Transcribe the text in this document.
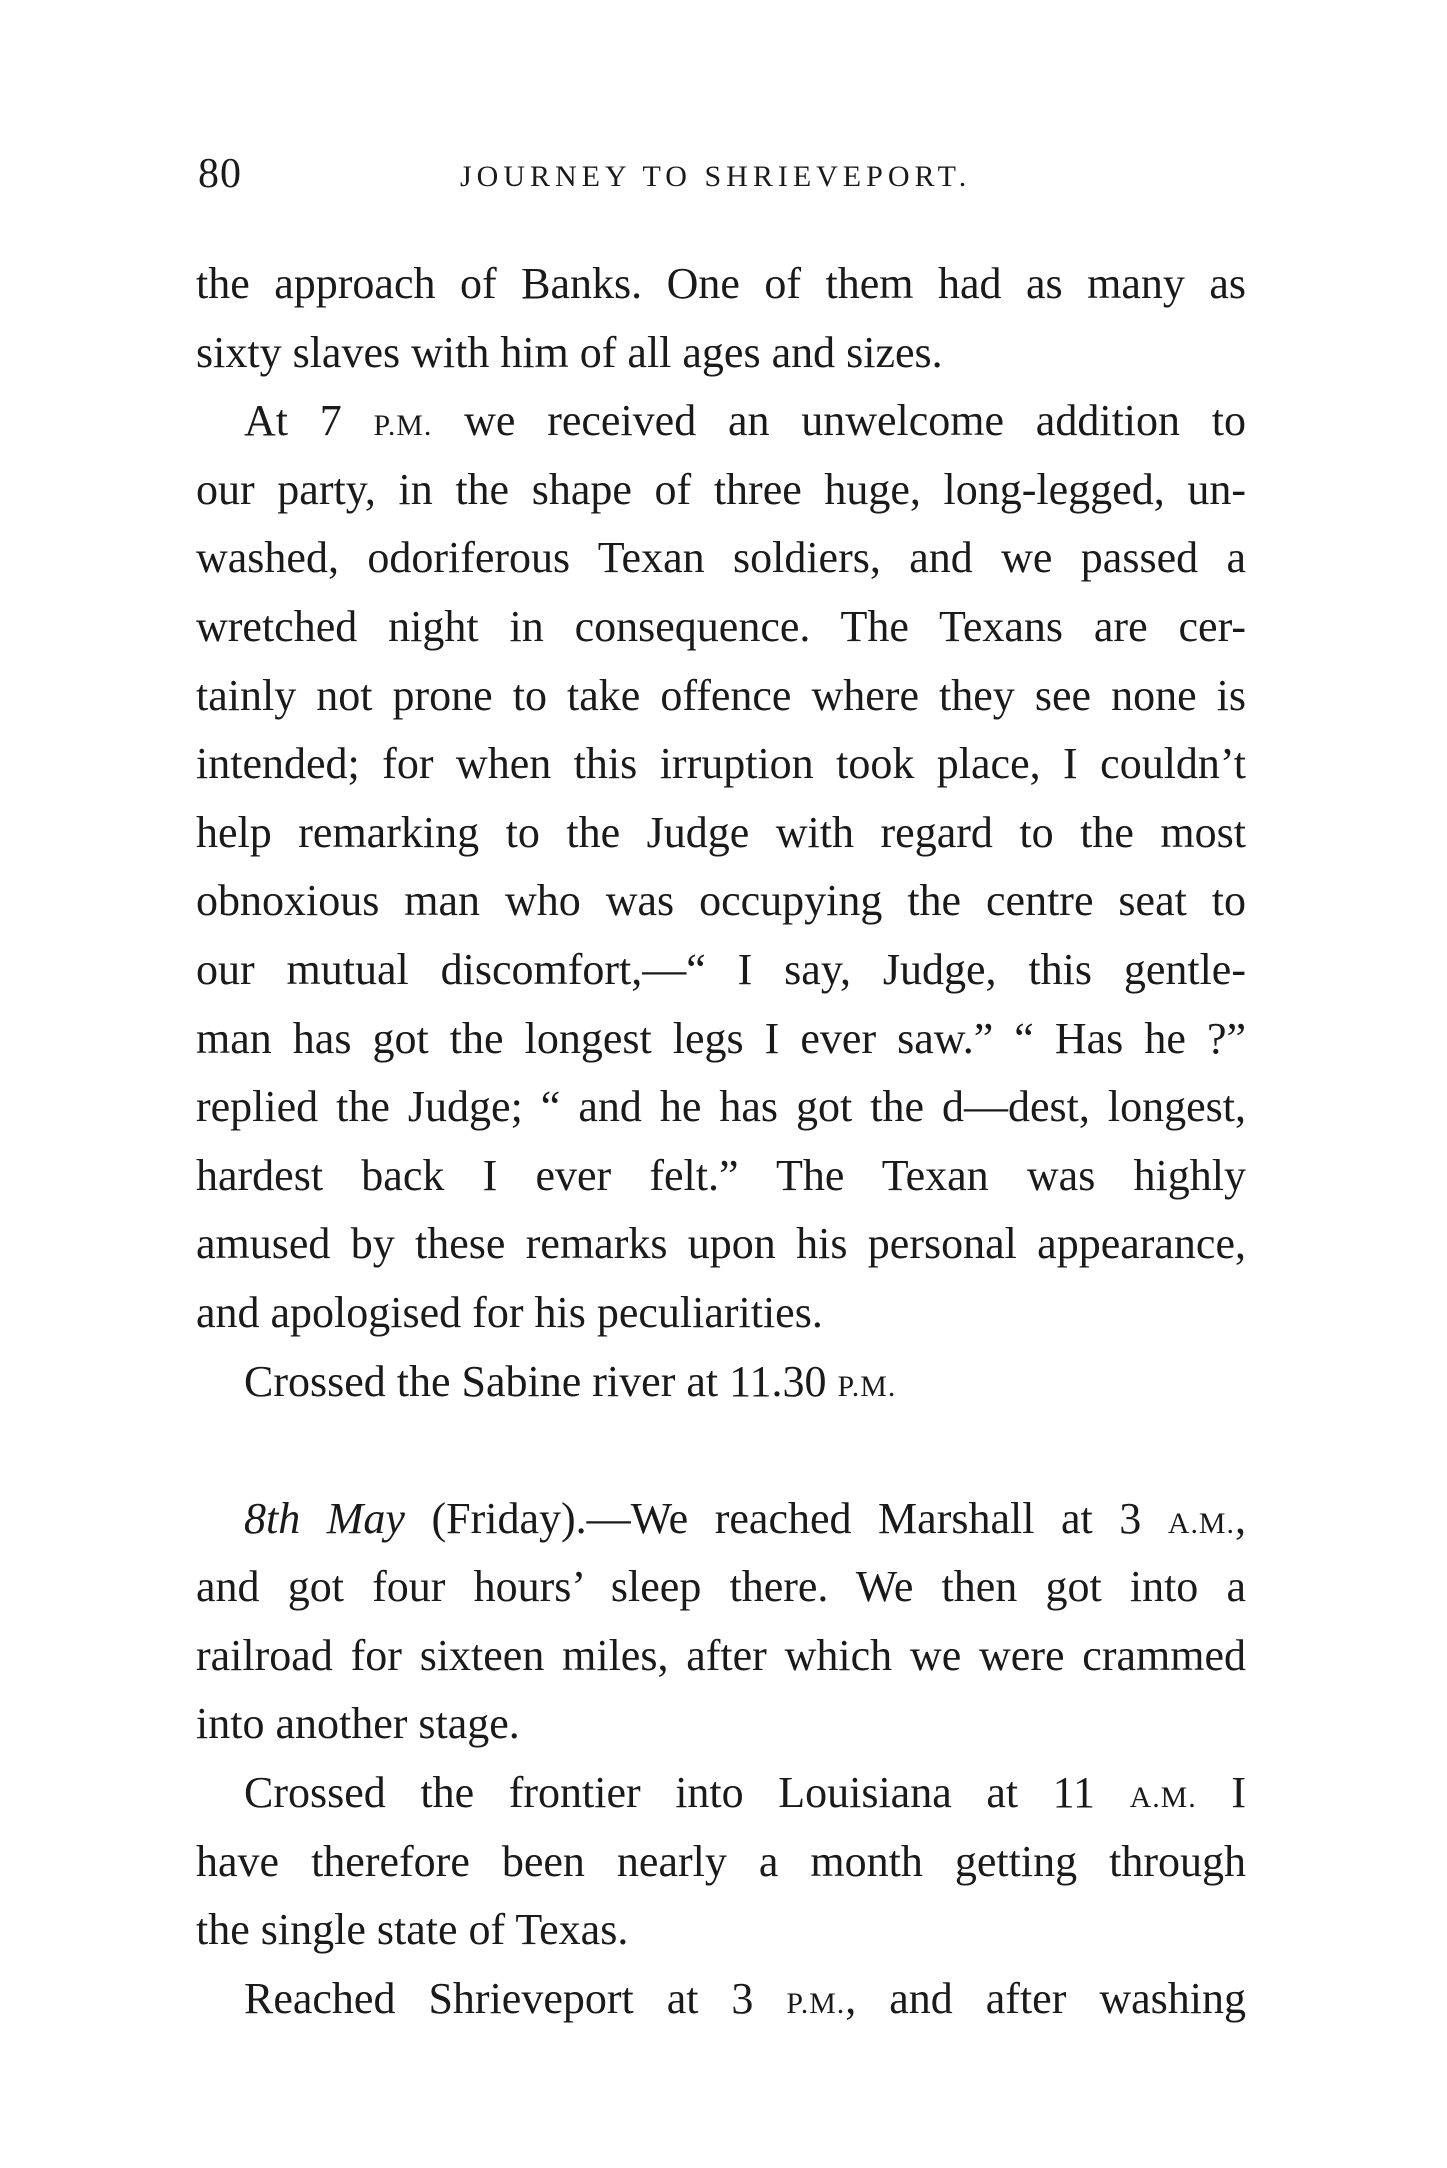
80	JOURNEY TO SHRIEVEPORT.
the approach of Banks. One of them had as many as
sixty slaves with him of all ages and sizes.
At 7 P.M. we received an unwelcome addition to
our party, in the shape of three huge, long-legged, un-
washed, odoriferous Texan soldiers, and we passed a
wretched night in consequence. The Texans are cer-
tainly not prone to take offence where they see none is
intended; for when this irruption took place, I couldn’t
help remarking to the Judge with regard to the most
obnoxious man who was occupying the centre seat to
our mutual discomfort,—“ I say, Judge, this gentle-
man has got the longest legs I ever saw.” “ Has he ?”
replied the Judge; “ and he has got the d—dest, longest,
hardest back I ever felt.” The Texan was highly
amused by these remarks upon his personal appearance,
and apologised for his peculiarities.
Crossed the Sabine river at 11.30 P.M.
8th May (Friday).—We reached Marshall at 3 A.M.,
and got four hours’ sleep there. We then got into a
railroad for sixteen miles, after which we were crammed
into another stage.
Crossed the frontier into Louisiana at 11 A.M. I
have therefore been nearly a month getting through
the single state of Texas.
Reached Shrieveport at 3 P.M., and after washing
